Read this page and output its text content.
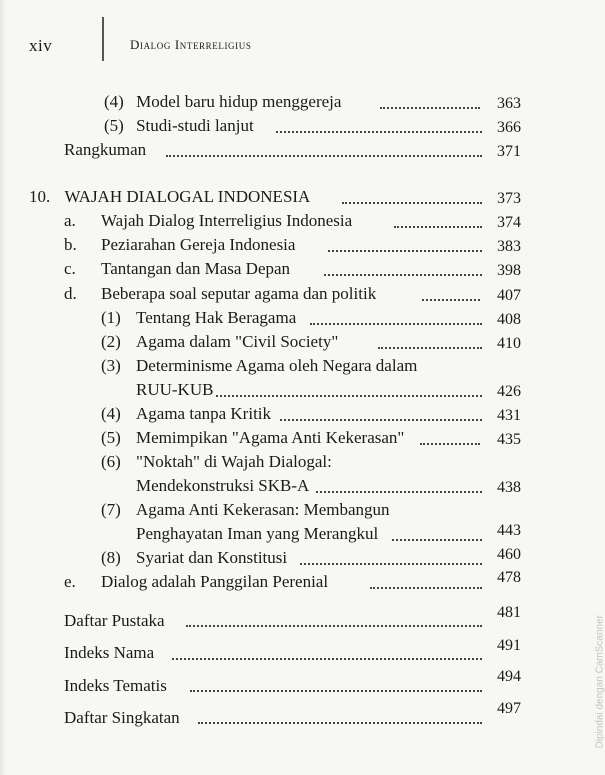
xiv	Dialog Interreligius
(4) Model baru hidup menggereja	363
(5) Studi-studi lanjut	366
Rangkuman	371
10. WAJAH DIALOGAL INDONESIA	373
a. Wajah Dialog Interreligius Indonesia	374
b. Peziarahan Gereja Indonesia	383
c. Tantangan dan Masa Depan	398
d. Beberapa soal seputar agama dan politik	407
(1) Tentang Hak Beragama	408
(2) Agama dalam "Civil Society"	410
(3) Determinisme Agama oleh Negara dalam
RUU-KUB	426
(4) Agama tanpa Kritik	431
(5) Memimpikan "Agama Anti Kekerasan"	435
(6) "Noktah" di Wajah Dialogal:
Mendekonstruksi SKB-A	438
(7) Agama Anti Kekerasan: Membangun
Penghayatan Iman yang Merangkul	443
(8) Syariat dan Konstitusi	460
e. Dialog adalah Panggilan Perenial	478
Daftar Pustaka	481
Indeks Nama	491
Indeks Tematis	494
Daftar Singkatan	497	Dipindai dengan CamScanner
